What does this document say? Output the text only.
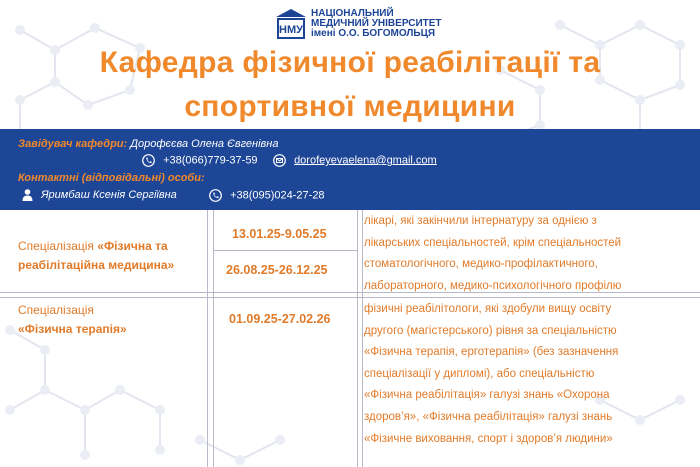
НМУ
НАЦІОНАЛЬНИЙ
МЕДИЧНИЙ УНІВЕРСИТЕТ
імені О.О. БОГОМОЛЬЦЯ
Кафедра фізичної реабілітації та
спортивної медицини
Завідувач кафедри: Дорофєєва Олена Євгенівна
+38(066)779-37-59	dorofeyevaelena@gmail.com
Контактні (відповідальні) особи:
Яримбаш Ксенія Сергіївна	+38(095)024-27-28
Спеціалізація «Фізична та
реабілітаційна медицина»
13.01.25-9.05.25
26.08.25-26.12.25
лікарі, які закінчили інтернатуру за однією з
лікарських спеціальностей, крім спеціальностей
стоматологічного, медико-профілактичного,
лабораторного, медико-психологічного профілю
Спеціалізація
«Фізична терапія»
01.09.25-27.02.26
фізичні реабілітологи, які здобули вищу освіту
другого (магістерського) рівня за спеціальністю
«Фізична терапія, ерготерапія» (без зазначення
спеціалізації у дипломі), або спеціальністю
«Фізична реабілітація» галузі знань «Охорона
здоров’я», «Фізична реабілітація» галузі знань
«Фізичне виховання, спорт і здоров’я людини»
